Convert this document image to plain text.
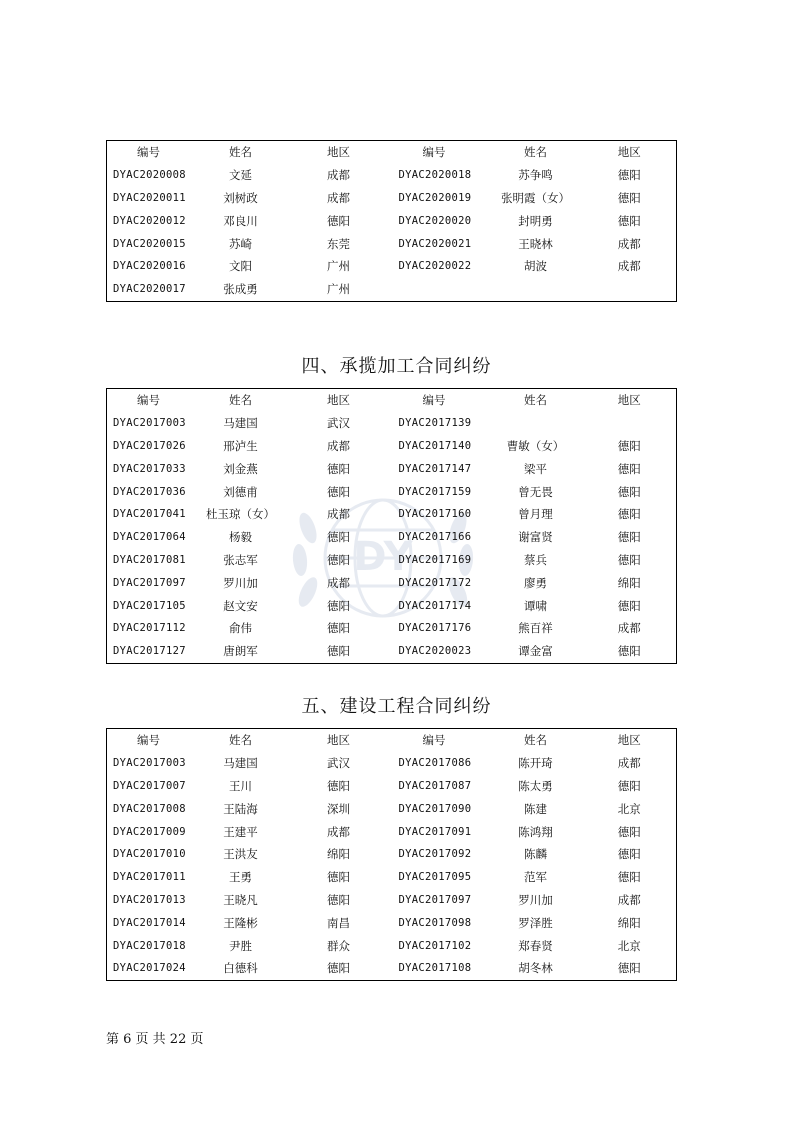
DY
编号	姓名	地区	编号	姓名	地区
DYAC2020008	文延	成都	DYAC2020018	苏争鸣	德阳
DYAC2020011	刘树政	成都	DYAC2020019	张明霞（女）	德阳
DYAC2020012	邓良川	德阳	DYAC2020020	封明勇	德阳
DYAC2020015	苏崎	东莞	DYAC2020021	王晓林	成都
DYAC2020016	文阳	广州	DYAC2020022	胡波	成都
DYAC2020017	张成勇	广州			
四、承揽加工合同纠纷
编号	姓名	地区	编号	姓名	地区
DYAC2017003	马建国	武汉	DYAC2017139		
DYAC2017026	邢泸生	成都	DYAC2017140	曹敏（女）	德阳
DYAC2017033	刘金燕	德阳	DYAC2017147	梁平	德阳
DYAC2017036	刘德甫	德阳	DYAC2017159	曾无畏	德阳
DYAC2017041	杜玉琼（女）	成都	DYAC2017160	曾月理	德阳
DYAC2017064	杨毅	德阳	DYAC2017166	谢富贤	德阳
DYAC2017081	张志军	德阳	DYAC2017169	蔡兵	德阳
DYAC2017097	罗川加	成都	DYAC2017172	廖勇	绵阳
DYAC2017105	赵文安	德阳	DYAC2017174	谭啸	德阳
DYAC2017112	俞伟	德阳	DYAC2017176	熊百祥	成都
DYAC2017127	唐朗军	德阳	DYAC2020023	谭金富	德阳
五、建设工程合同纠纷
编号	姓名	地区	编号	姓名	地区
DYAC2017003	马建国	武汉	DYAC2017086	陈开琦	成都
DYAC2017007	王川	德阳	DYAC2017087	陈太勇	德阳
DYAC2017008	王陆海	深圳	DYAC2017090	陈建	北京
DYAC2017009	王建平	成都	DYAC2017091	陈鸿翔	德阳
DYAC2017010	王洪友	绵阳	DYAC2017092	陈麟	德阳
DYAC2017011	王勇	德阳	DYAC2017095	范军	德阳
DYAC2017013	王晓凡	德阳	DYAC2017097	罗川加	成都
DYAC2017014	王隆彬	南昌	DYAC2017098	罗泽胜	绵阳
DYAC2017018	尹胜	群众	DYAC2017102	郑春贤	北京
DYAC2017024	白德科	德阳	DYAC2017108	胡冬林	德阳
第 6 页 共 22 页
